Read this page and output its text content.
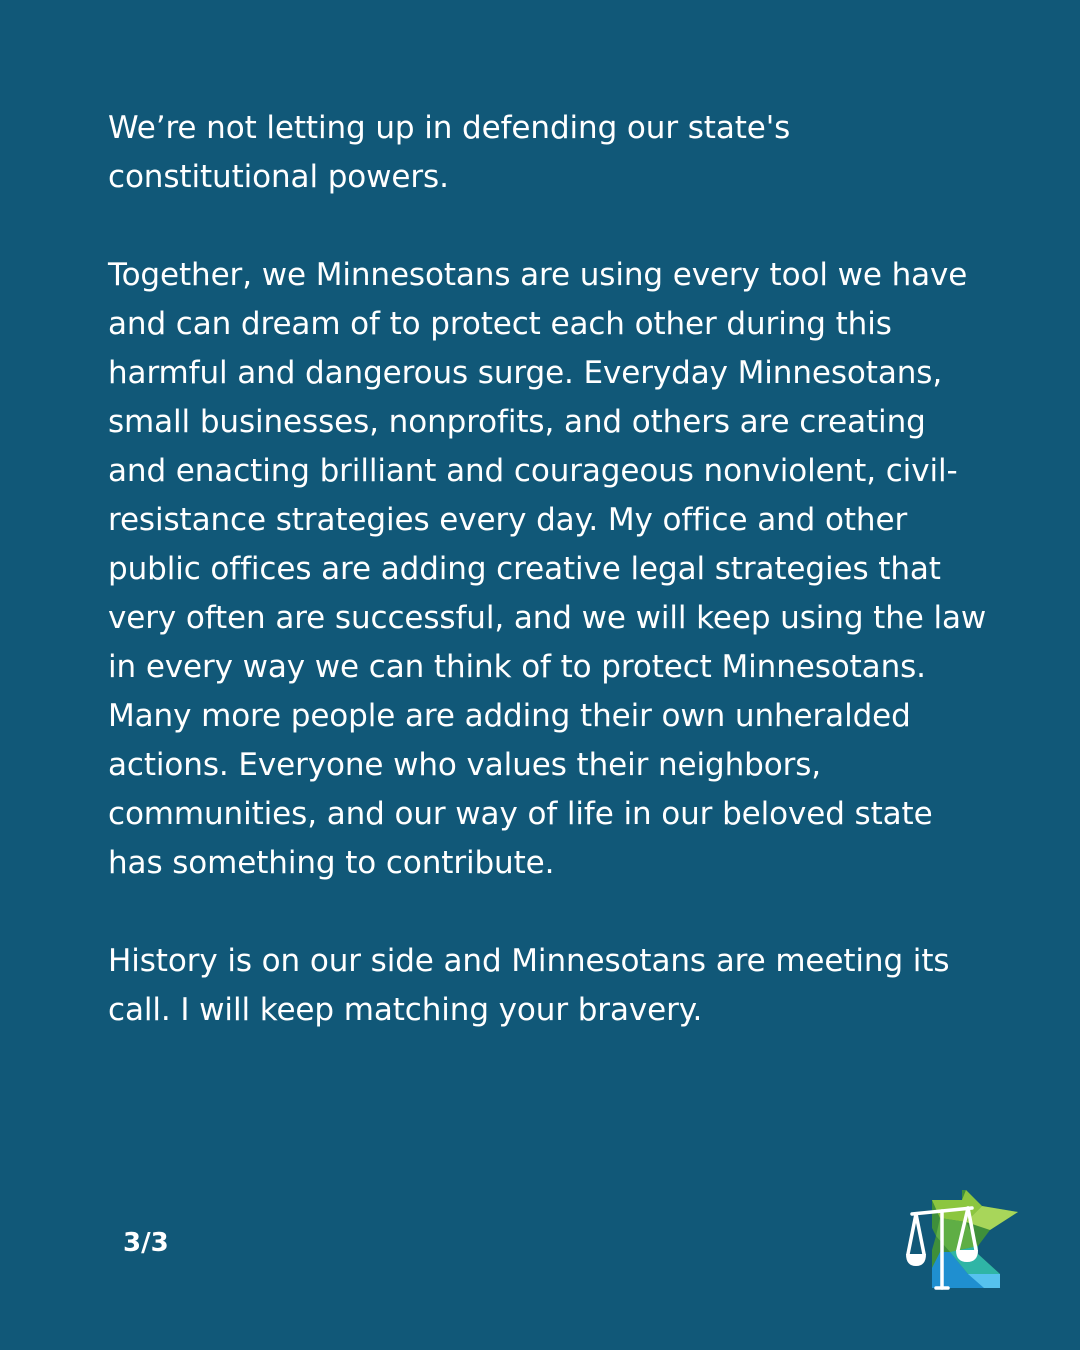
We’re not letting up in defending our state's constitutional powers.

Together, we Minnesotans are using every tool we have and can dream of to protect each other during this harmful and dangerous surge. Everyday Minnesotans, small businesses, nonprofits, and others are creating and enacting brilliant and courageous nonviolent, civil-resistance strategies every day. My office and other public offices are adding creative legal strategies that very often are successful, and we will keep using the law in every way we can think of to protect Minnesotans. Many more people are adding their own unheralded actions. Everyone who values their neighbors, communities, and our way of life in our beloved state has something to contribute.

History is on our side and Minnesotans are meeting its call. I will keep matching your bravery.

3/3
